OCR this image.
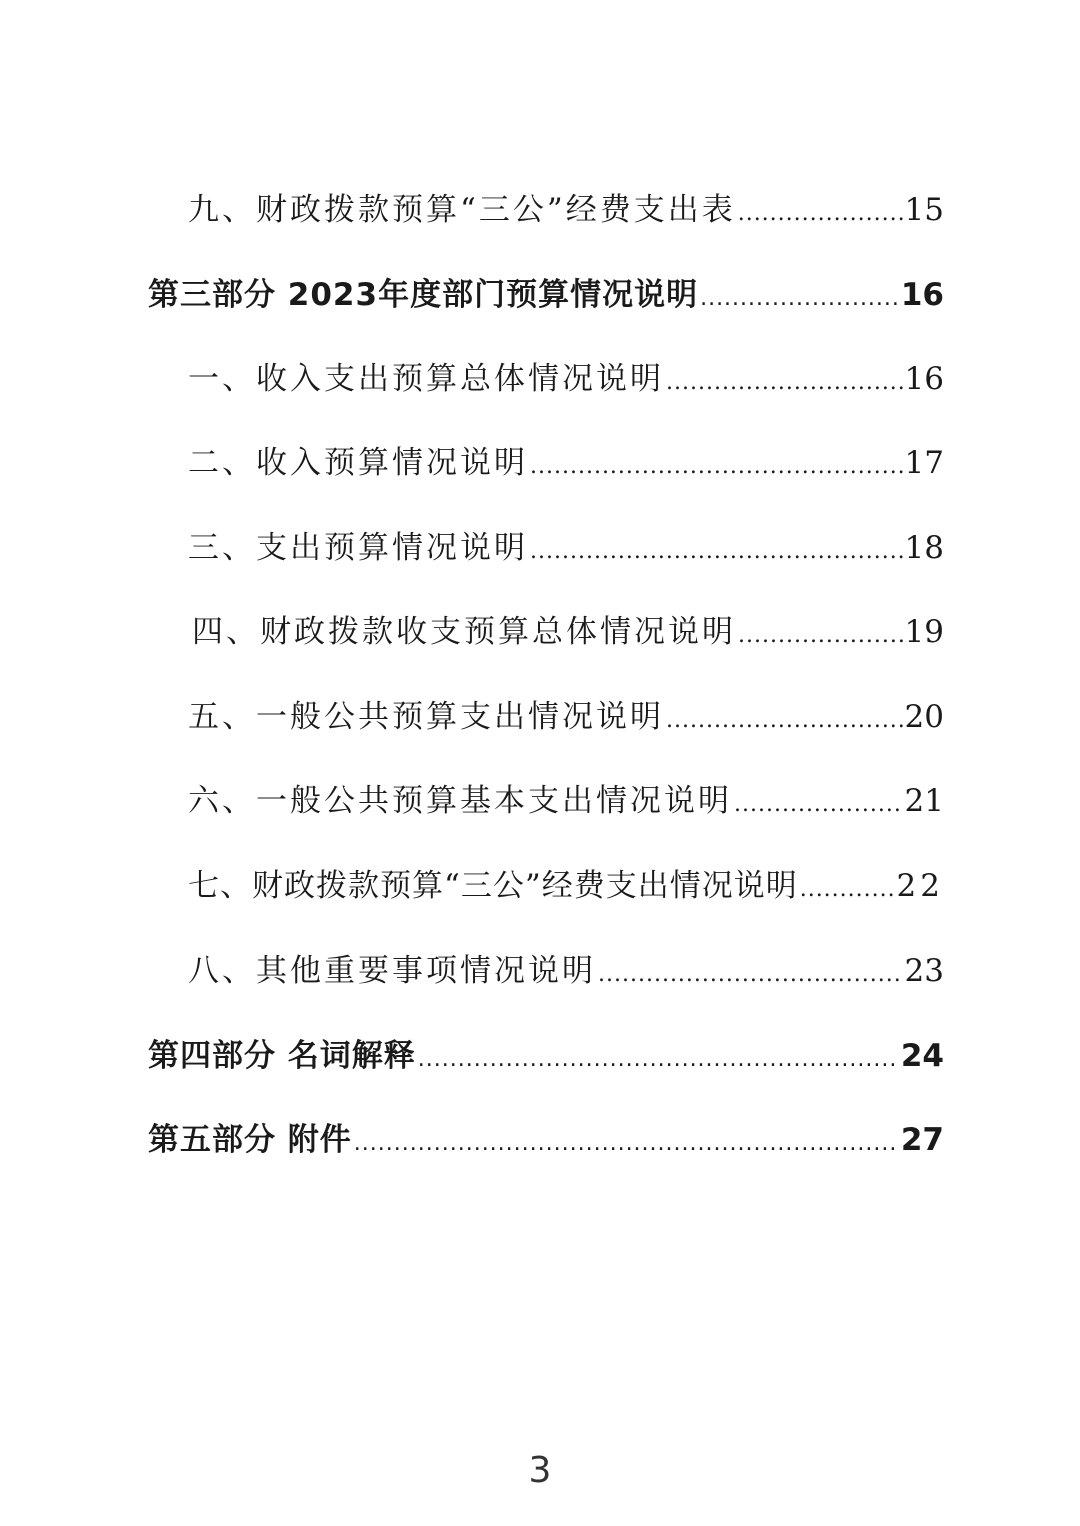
九、财政拨款预算“三公”经费支出表 .....	15
第三部分 2023年度部门预算情况说明 .....	16
一、收入支出预算总体情况说明 .....	16
二、收入预算情况说明 .....	17
三、支出预算情况说明 .....	18
四、财政拨款收支预算总体情况说明 .....	19
五、一般公共预算支出情况说明 .....	20
六、一般公共预算基本支出情况说明 .....	21
七、财政拨款预算“三公”经费支出情况说明 .....	22
八、其他重要事项情况说明 .....	23
第四部分 名词解释 .....	24
第五部分 附件 .....	27
3
